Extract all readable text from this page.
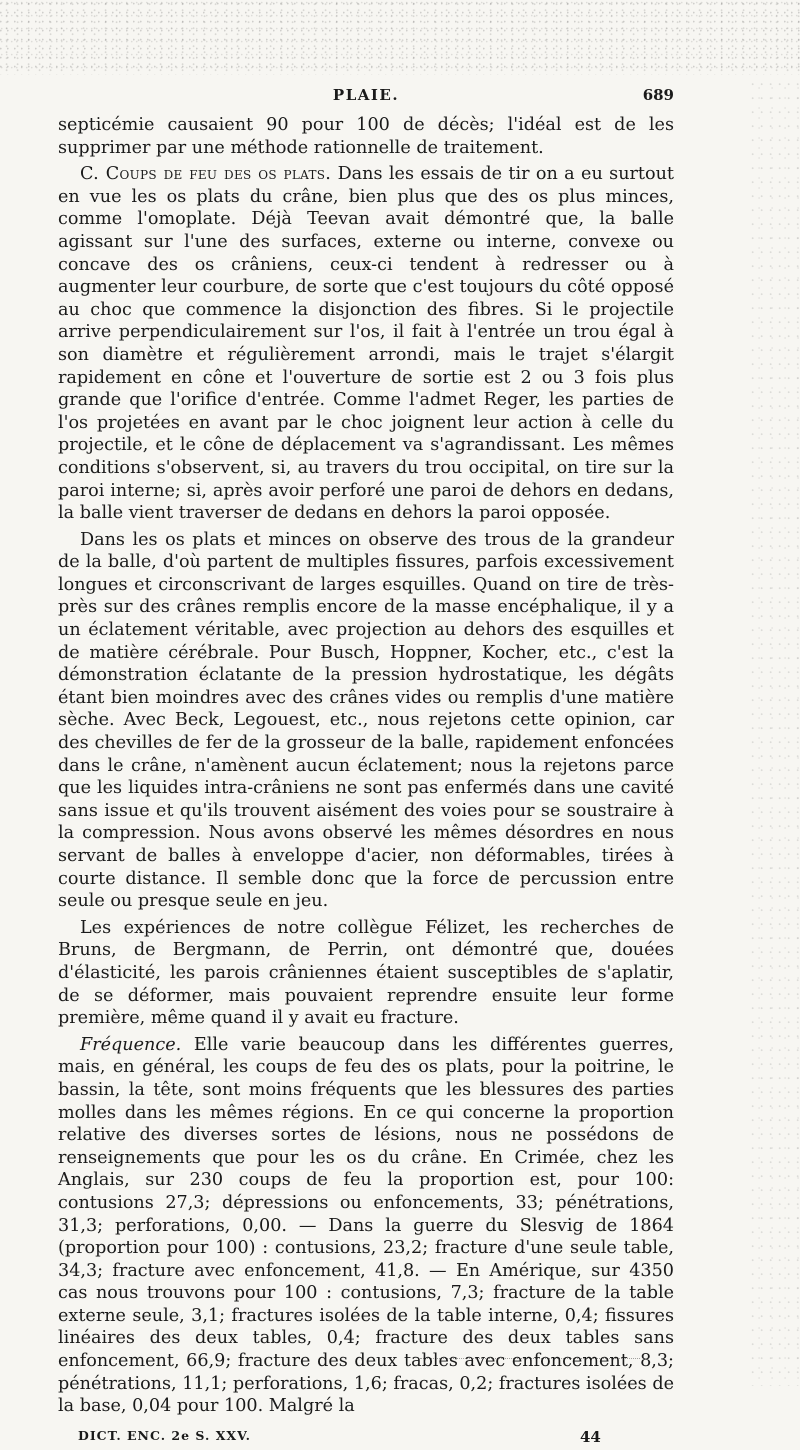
PLAIE.	689

septicémie causaient 90 pour 100 de décès; l'idéal est de les supprimer par une méthode rationnelle de traitement.

C. Coups de feu des os plats. Dans les essais de tir on a eu surtout en vue les os plats du crâne, bien plus que des os plus minces, comme l'omoplate. Déjà Teevan avait démontré que, la balle agissant sur l'une des surfaces, externe ou interne, convexe ou concave des os crâniens, ceux-ci tendent à redresser ou à augmenter leur courbure, de sorte que c'est toujours du côté opposé au choc que commence la disjonction des fibres. Si le projectile arrive perpendiculairement sur l'os, il fait à l'entrée un trou égal à son diamètre et régulièrement arrondi, mais le trajet s'élargit rapidement en cône et l'ouverture de sortie est 2 ou 3 fois plus grande que l'orifice d'entrée. Comme l'admet Reger, les parties de l'os projetées en avant par le choc joignent leur action à celle du projectile, et le cône de déplacement va s'agrandissant. Les mêmes conditions s'observent, si, au travers du trou occipital, on tire sur la paroi interne; si, après avoir perforé une paroi de dehors en dedans, la balle vient traverser de dedans en dehors la paroi opposée.

Dans les os plats et minces on observe des trous de la grandeur de la balle, d'où partent de multiples fissures, parfois excessivement longues et circonscrivant de larges esquilles. Quand on tire de très-près sur des crânes remplis encore de la masse encéphalique, il y a un éclatement véritable, avec projection au dehors des esquilles et de matière cérébrale. Pour Busch, Hoppner, Kocher, etc., c'est la démonstration éclatante de la pression hydrostatique, les dégâts étant bien moindres avec des crânes vides ou remplis d'une matière sèche. Avec Beck, Legouest, etc., nous rejetons cette opinion, car des chevilles de fer de la grosseur de la balle, rapidement enfoncées dans le crâne, n'amènent aucun éclatement; nous la rejetons parce que les liquides intra-crâniens ne sont pas enfermés dans une cavité sans issue et qu'ils trouvent aisément des voies pour se soustraire à la compression. Nous avons observé les mêmes désordres en nous servant de balles à enveloppe d'acier, non déformables, tirées à courte distance. Il semble donc que la force de percussion entre seule ou presque seule en jeu.

Les expériences de notre collègue Félizet, les recherches de Bruns, de Bergmann, de Perrin, ont démontré que, douées d'élasticité, les parois crâniennes étaient susceptibles de s'aplatir, de se déformer, mais pouvaient reprendre ensuite leur forme première, même quand il y avait eu fracture.

Fréquence. Elle varie beaucoup dans les différentes guerres, mais, en général, les coups de feu des os plats, pour la poitrine, le bassin, la tête, sont moins fréquents que les blessures des parties molles dans les mêmes régions. En ce qui concerne la proportion relative des diverses sortes de lésions, nous ne possédons de renseignements que pour les os du crâne. En Crimée, chez les Anglais, sur 230 coups de feu la proportion est, pour 100: contusions 27,3; dépressions ou enfoncements, 33; pénétrations, 31,3; perforations, 0,00. — Dans la guerre du Slesvig de 1864 (proportion pour 100) : contusions, 23,2; fracture d'une seule table, 34,3; fracture avec enfoncement, 41,8. — En Amérique, sur 4350 cas nous trouvons pour 100 : contusions, 7,3; fracture de la table externe seule, 3,1; fractures isolées de la table interne, 0,4; fissures linéaires des deux tables, 0,4; fracture des deux tables sans enfoncement, 66,9; fracture des deux tables avec enfoncement, 8,3; pénétrations, 11,1; perforations, 1,6; fracas, 0,2; fractures isolées de la base, 0,04 pour 100. Malgré la

DICT. ENC. 2e S. XXV.	44
